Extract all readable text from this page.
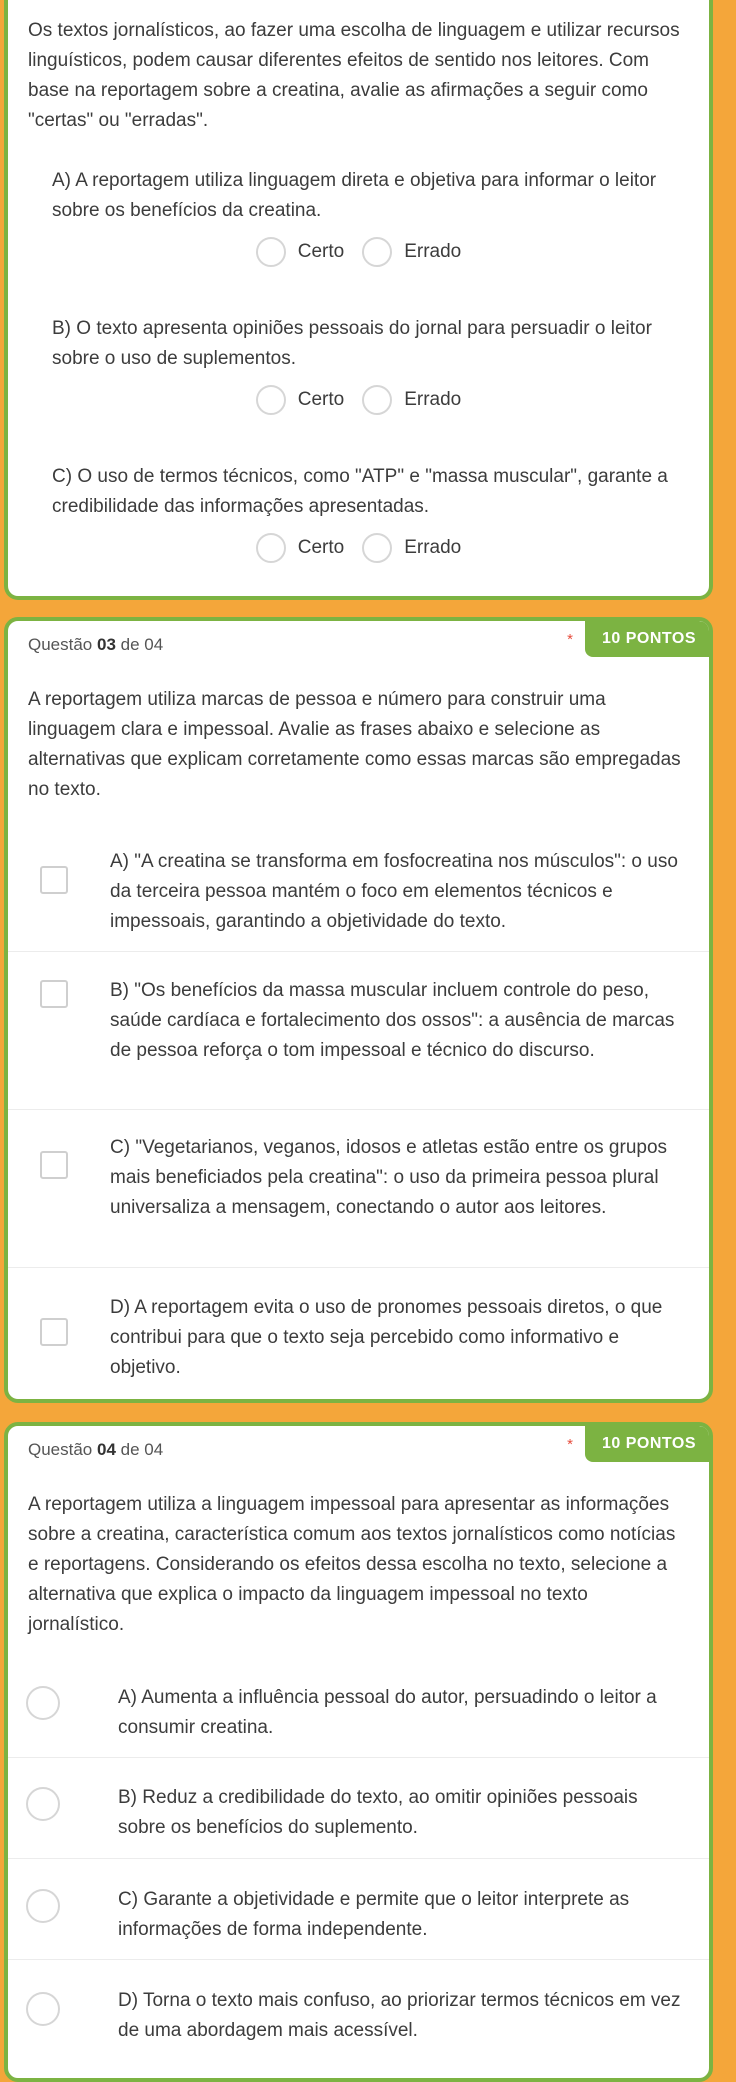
Os textos jornalísticos, ao fazer uma escolha de linguagem e utilizar recursos linguísticos, podem causar diferentes efeitos de sentido nos leitores. Com base na reportagem sobre a creatina, avalie as afirmações a seguir como "certas" ou "erradas".
A) A reportagem utiliza linguagem direta e objetiva para informar o leitor sobre os benefícios da creatina.
Certo	Errado
B) O texto apresenta opiniões pessoais do jornal para persuadir o leitor sobre o uso de suplementos.
Certo	Errado
C) O uso de termos técnicos, como "ATP" e "massa muscular", garante a credibilidade das informações apresentadas.
Certo	Errado
Questão 03 de 04	*	10 PONTOS
A reportagem utiliza marcas de pessoa e número para construir uma linguagem clara e impessoal. Avalie as frases abaixo e selecione as alternativas que explicam corretamente como essas marcas são empregadas no texto.
A) "A creatina se transforma em fosfocreatina nos músculos": o uso da terceira pessoa mantém o foco em elementos técnicos e impessoais, garantindo a objetividade do texto.
B) "Os benefícios da massa muscular incluem controle do peso, saúde cardíaca e fortalecimento dos ossos": a ausência de marcas de pessoa reforça o tom impessoal e técnico do discurso.
C) "Vegetarianos, veganos, idosos e atletas estão entre os grupos mais beneficiados pela creatina": o uso da primeira pessoa plural universaliza a mensagem, conectando o autor aos leitores.
D) A reportagem evita o uso de pronomes pessoais diretos, o que contribui para que o texto seja percebido como informativo e objetivo.
Questão 04 de 04	*	10 PONTOS
A reportagem utiliza a linguagem impessoal para apresentar as informações sobre a creatina, característica comum aos textos jornalísticos como notícias e reportagens. Considerando os efeitos dessa escolha no texto, selecione a alternativa que explica o impacto da linguagem impessoal no texto jornalístico.
A) Aumenta a influência pessoal do autor, persuadindo o leitor a consumir creatina.
B) Reduz a credibilidade do texto, ao omitir opiniões pessoais sobre os benefícios do suplemento.
C) Garante a objetividade e permite que o leitor interprete as informações de forma independente.
D) Torna o texto mais confuso, ao priorizar termos técnicos em vez de uma abordagem mais acessível.
